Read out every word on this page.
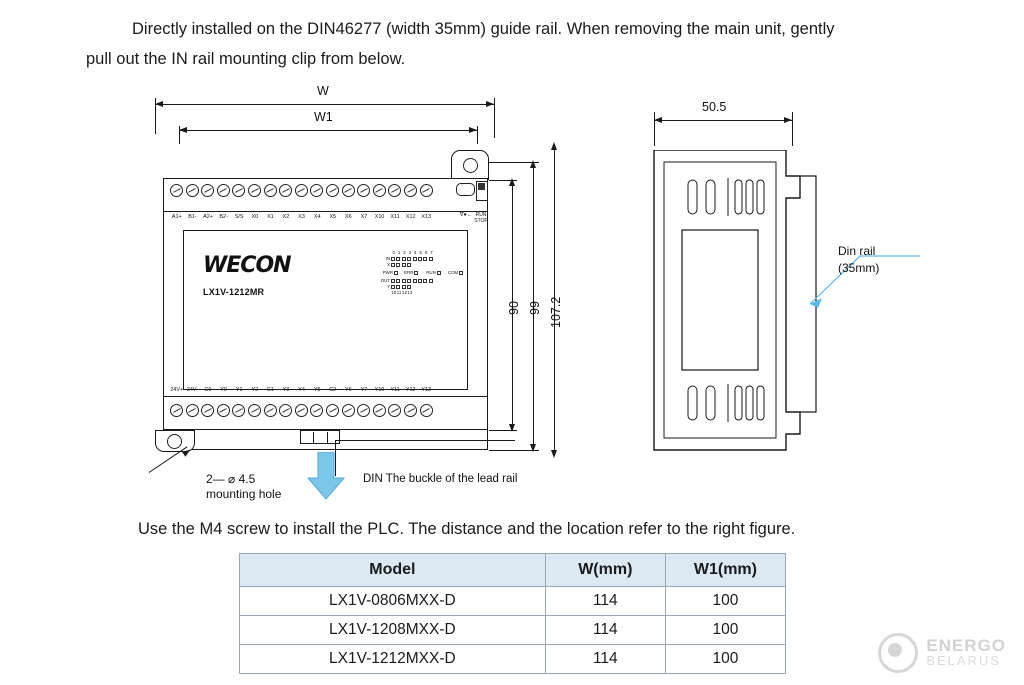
Directly installed on the DIN46277 (width 35mm) guide rail. When removing the main unit, gently
pull out the IN rail mounting clip from below.
W
W1
A1+	B1-	A2+	B2-	S/S	X0	X1	X2	X3	X4	X5	X6	X7	X10	X11	X12	X13	∇●← RUN
STOP
WECON
LX1V-1212MR
0 1 2 3 4 5 6 7
IN
X
PWR	ERR	RUN	COM
OUT
Y
10 11 12 13
24V+ 24V-	C0	Y0	Y1	Y2	C1	Y3	Y4	Y5	C2	Y6	Y7	Y10	Y11	Y12	Y13
90 99 107.2
2— ⌀ 4.5
mounting hole
DIN The buckle of the lead rail
50.5
Din rail
(35mm)
Use the M4 screw to install the PLC. The distance and the location refer to the right figure.
Model	W(mm)	W1(mm)
LX1V-0806MXX-D	114	100
LX1V-1208MXX-D	114	100
LX1V-1212MXX-D	114	100
ENERGO
BELARUS
